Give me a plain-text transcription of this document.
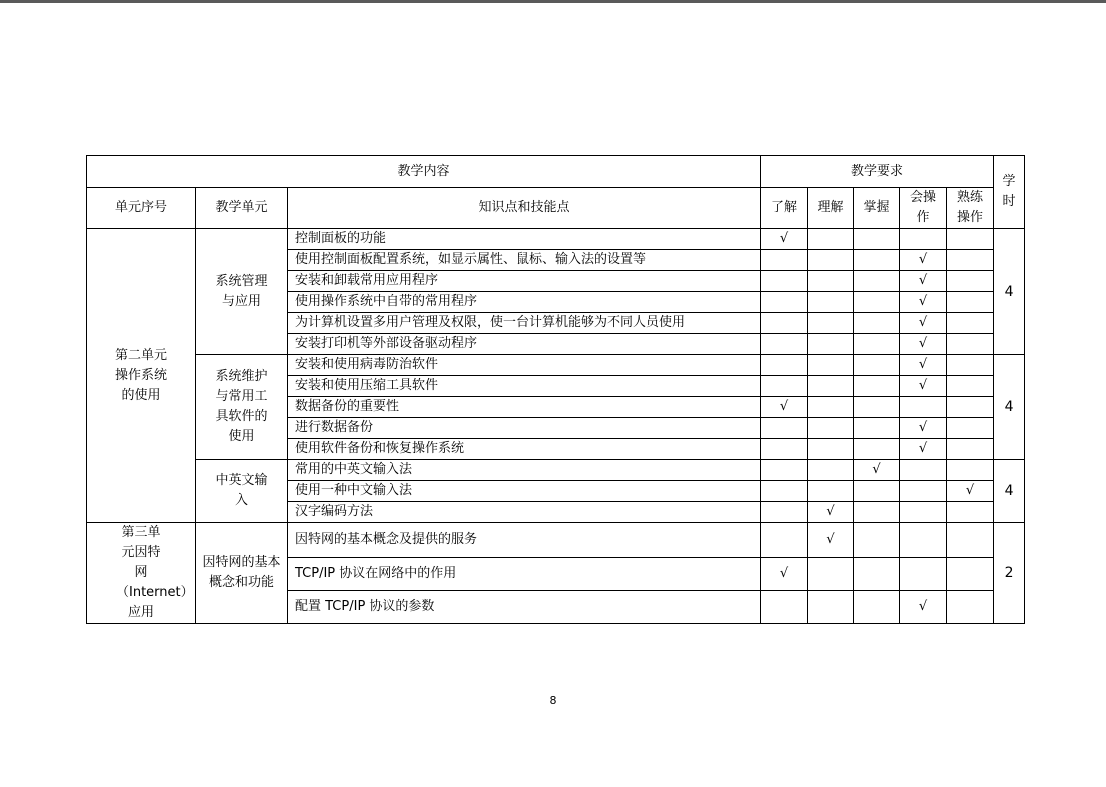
教学内容			教学要求					学时
单元序号	教学单元	知识点和技能点	了解	理解	掌握	会操作	熟练操作	
第二单元操作系统的使用	系统管理与应用	控制面板的功能	√					4
		使用控制面板配置系统，如显示属性、鼠标、输入法的设置等				√		
		安装和卸载常用应用程序				√		
		使用操作系统中自带的常用程序				√		
		为计算机设置多用户管理及权限，使一台计算机能够为不同人员使用				√		
		安装打印机等外部设备驱动程序				√		
	系统维护与常用工具软件的使用	安装和使用病毒防治软件				√		4
		安装和使用压缩工具软件				√		
		数据备份的重要性	√					
		进行数据备份				√		
		使用软件备份和恢复操作系统				√		
	中英文输入	常用的中英文输入法			√			4
		使用一种中文输入法					√	
		汉字编码方法		√				
第三单元因特网（Internet）应用	因特网的基本概念和功能	因特网的基本概念及提供的服务		√				2
		TCP/IP 协议在网络中的作用	√					
		配置 TCP/IP 协议的参数				√		
8
